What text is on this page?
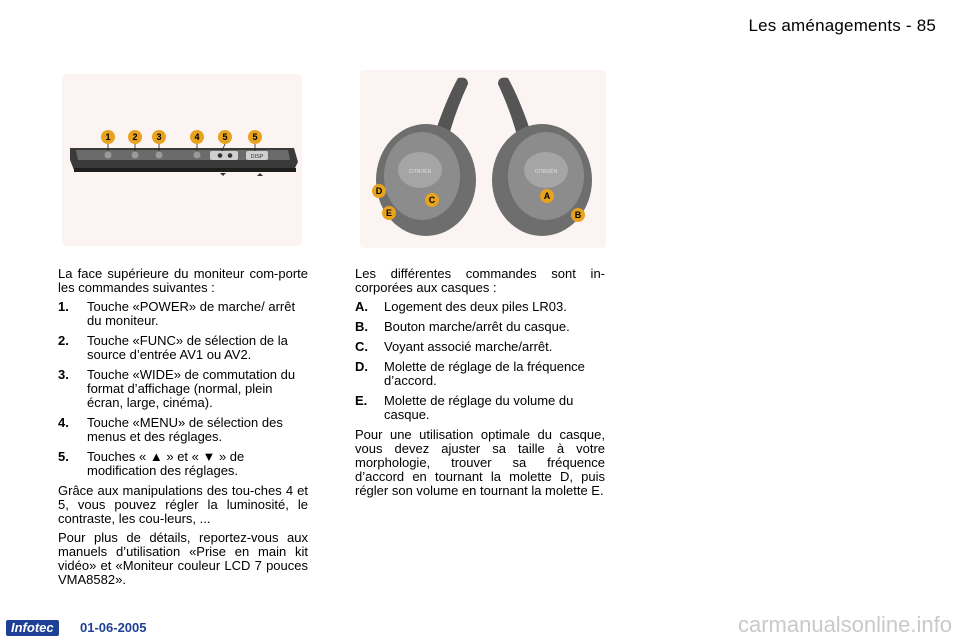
Les aménagements - 85
DISP
1 2 3	4	5	5
CITROËN	CITROËN
D
E
C	A
B

La face supérieure du moniteur com-porte les commandes suivantes :

1.	Touche «POWER» de marche/ arrêt du moniteur.
2.	Touche «FUNC» de sélection de la source d’entrée AV1 ou AV2.
3.	Touche «WIDE» de commutation du format d’affichage (normal, plein écran, large, cinéma).
4.	Touche «MENU» de sélection des menus et des réglages.
5.	Touches « ▲ » et « ▼ » de modification des réglages.

Grâce aux manipulations des tou-ches 4 et 5, vous pouvez régler la luminosité, le contraste, les cou-leurs, ...

Pour plus de détails, reportez-vous aux manuels d’utilisation «Prise en main kit vidéo» et «Moniteur couleur LCD 7 pouces VMA8582».

Les différentes commandes sont in-corporées aux casques :

A.	Logement des deux piles LR03.
B.	Bouton marche/arrêt du casque.
C.	Voyant associé marche/arrêt.
D.	Molette de réglage de la fréquence d’accord.
E.	Molette de réglage du volume du casque.

Pour une utilisation optimale du casque, vous devez ajuster sa taille à votre morphologie, trouver sa fréquence d’accord en tournant la molette D, puis régler son volume en tournant la molette E.

Infotec	01-06-2005	carmanualsonline.info
